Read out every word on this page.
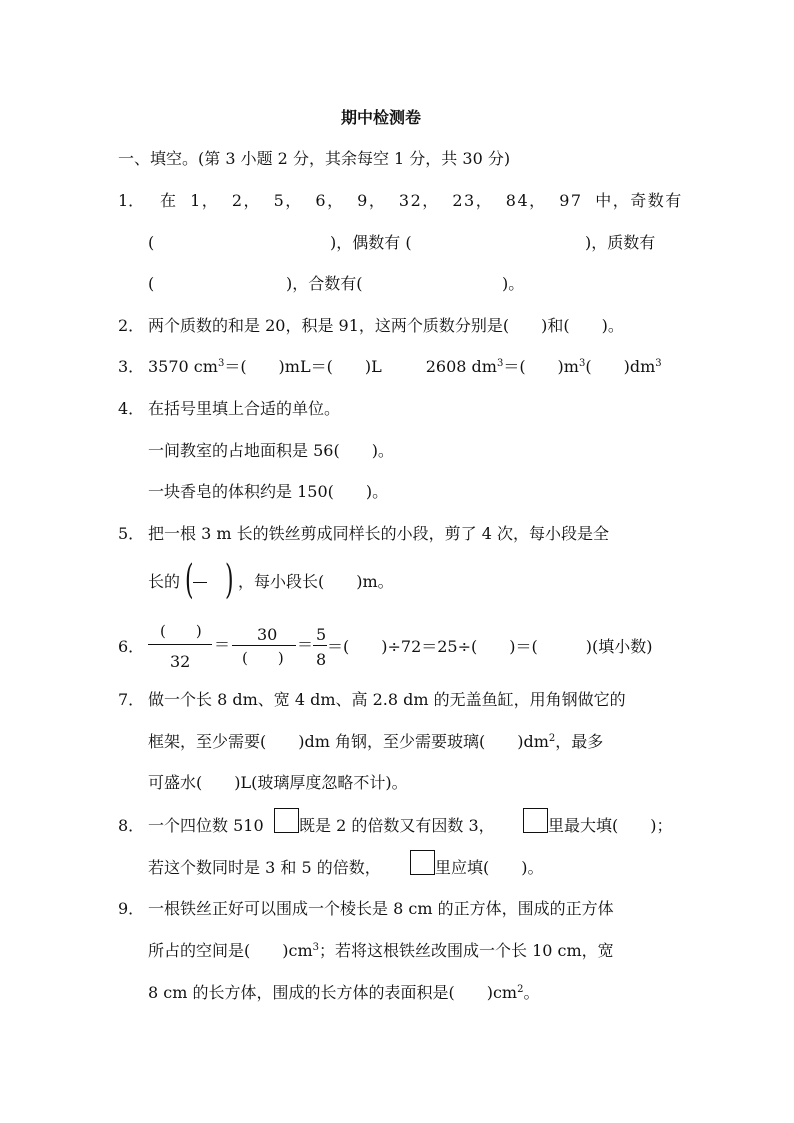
期中检测卷
一、填空。(第 3 小题 2 分，其余每空 1 分，共 30 分)
1． 在 1， 2， 5， 6， 9， 32， 23， 84， 97 中，奇数有
(	)，偶数有 (	)，质数有
(	)，合数有(	)。
2． 两个质数的和是 20，积是 91，这两个质数分别是(　　)和(　　)。
3． 3570 $cm^3=$(　　)mL＝(　　)L	2608 $dm^3=$(　　)$m^3$(　　)$dm^3$
4． 在括号里填上合适的单位。
一间教室的占地面积是 56(　　)。
一块香皂的体积约是 150(　　)。
5． 把一根 3 m 长的铁丝剪成同样长的小段，剪了 4 次，每小段是全
长的 ( ) ，每小段长(　　)m。
6．
(　　)
32
＝
30
(　　)
＝
5
8
＝(　　)÷72＝25÷(　　)＝(　　　)(填小数)
7． 做一个长 8 dm、宽 4 dm、高 2.8 dm 的无盖鱼缸，用角钢做它的
框架，至少需要(　　)dm 角钢，至少需要玻璃(　　)$dm^2$，最多
可盛水(　　)L(玻璃厚度忽略不计)。
8． 一个四位数 510 既是 2 的倍数又有因数 3，	里最大填(　　)；
若这个数同时是 3 和 5 的倍数，	里应填(　　)。
9． 一根铁丝正好可以围成一个棱长是 8 cm 的正方体，围成的正方体
所占的空间是(　　)$cm^3$；若将这根铁丝改围成一个长 10 cm，宽
8 cm 的长方体，围成的长方体的表面积是(　　)$cm^2$。
